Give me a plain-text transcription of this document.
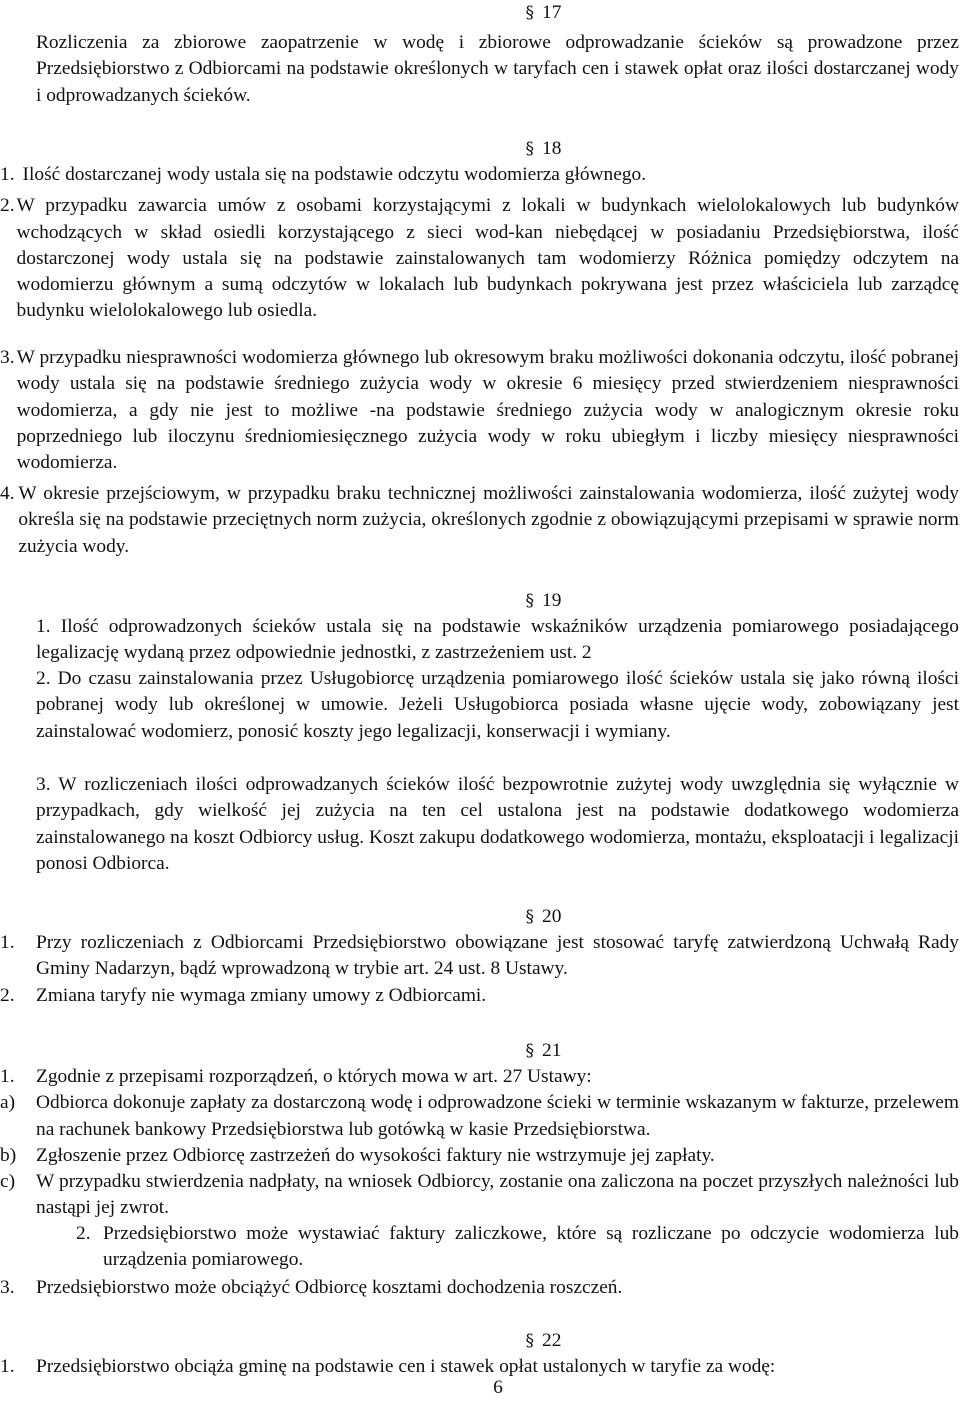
§ 17

Rozliczenia za zbiorowe zaopatrzenie w wodę i zbiorowe odprowadzanie ścieków są prowadzone przez Przedsiębiorstwo z Odbiorcami na podstawie określonych w taryfach cen i stawek opłat oraz ilości dostarczanej wody i odprowadzanych ścieków.

§ 18
1. Ilość dostarczanej wody ustala się na podstawie odczytu wodomierza głównego.
2. W przypadku zawarcia umów z osobami korzystającymi z lokali w budynkach wielolokalowych lub budynków wchodzących w skład osiedli korzystającego z sieci wod-kan niebędącej w posiadaniu Przedsiębiorstwa, ilość dostarczonej wody ustala się na podstawie zainstalowanych tam wodomierzy Różnica pomiędzy odczytem na wodomierzu głównym a sumą odczytów w lokalach lub budynkach pokrywana jest przez właściciela lub zarządcę budynku wielolokalowego lub osiedla.
3. W przypadku niesprawności wodomierza głównego lub okresowym braku możliwości dokonania odczytu, ilość pobranej wody ustala się na podstawie średniego zużycia wody w okresie 6 miesięcy przed stwierdzeniem niesprawności wodomierza, a gdy nie jest to możliwe -na podstawie średniego zużycia wody w analogicznym okresie roku poprzedniego lub iloczynu średniomiesięcznego zużycia wody w roku ubiegłym i liczby miesięcy niesprawności wodomierza.
4. W okresie przejściowym, w przypadku braku technicznej możliwości zainstalowania wodomierza, ilość zużytej wody określa się na podstawie przeciętnych norm zużycia, określonych zgodnie z obowiązującymi przepisami w sprawie norm zużycia wody.
§ 19

1. Ilość odprowadzonych ścieków ustala się na podstawie wskaźników urządzenia pomiarowego posiadającego legalizację wydaną przez odpowiednie jednostki, z zastrzeżeniem ust. 2

2. Do czasu zainstalowania przez Usługobiorcę urządzenia pomiarowego ilość ścieków ustala się jako równą ilości pobranej wody lub określonej w umowie. Jeżeli Usługobiorca posiada własne ujęcie wody, zobowiązany jest zainstalować wodomierz, ponosić koszty jego legalizacji, konserwacji i wymiany.

3. W rozliczeniach ilości odprowadzanych ścieków ilość bezpowrotnie zużytej wody uwzględnia się wyłącznie w przypadkach, gdy wielkość jej zużycia na ten cel ustalona jest na podstawie dodatkowego wodomierza zainstalowanego na koszt Odbiorcy usług. Koszt zakupu dodatkowego wodomierza, montażu, eksploatacji i legalizacji ponosi Odbiorca.

§ 20
1.	Przy rozliczeniach z Odbiorcami Przedsiębiorstwo obowiązane jest stosować taryfę zatwierdzoną Uchwałą Rady Gminy Nadarzyn, bądź wprowadzoną w trybie art. 24 ust. 8 Ustawy.
2.	Zmiana taryfy nie wymaga zmiany umowy z Odbiorcami.
§ 21
1.	Zgodnie z przepisami rozporządzeń, o których mowa w art. 27 Ustawy:
a)	Odbiorca dokonuje zapłaty za dostarczoną wodę i odprowadzone ścieki w terminie wskazanym w fakturze, przelewem na rachunek bankowy Przedsiębiorstwa lub gotówką w kasie Przedsiębiorstwa.
b)	Zgłoszenie przez Odbiorcę zastrzeżeń do wysokości faktury nie wstrzymuje jej zapłaty.
c)	W przypadku stwierdzenia nadpłaty, na wniosek Odbiorcy, zostanie ona zaliczona na poczet przyszłych należności lub nastąpi jej zwrot.
2. Przedsiębiorstwo może wystawiać faktury zaliczkowe, które są rozliczane po odczycie wodomierza lub urządzenia pomiarowego.
3.	Przedsiębiorstwo może obciążyć Odbiorcę kosztami dochodzenia roszczeń.
§ 22
1.	Przedsiębiorstwo obciąża gminę na podstawie cen i stawek opłat ustalonych w taryfie za wodę:
6
